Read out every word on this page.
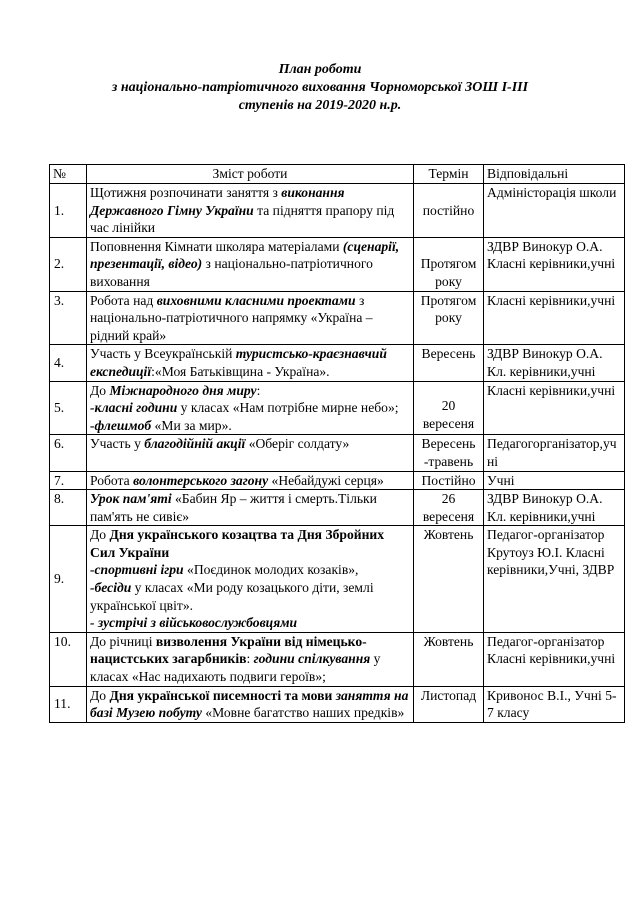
План роботи
з національно-патріотичного виховання Чорноморської ЗОШ І-ІІІ
ступенів на 2019-2020 н.р.
№	Зміст роботи	Термін	Відповідальні
1.	Щотижня розпочинати заняття з виконання Державного Гімну України та підняття прапору під час лінійки	постійно	Адміністорація школи
2.	Поповнення Кімнати школяра матеріалами (сценарії, презентації, відео) з національно-патріотичного виховання	Протягом року	ЗДВР Винокур О.А. Класні керівники,учні
3.	Робота над виховними класними проектами з національно-патріотичного напрямку «Україна – рідний край»	Протягом року	Класні керівники,учні
4.	Участь у Всеукраїнській туристсько-краєзнавчий експедиції:«Моя Батьківщина - Україна».	Вересень	ЗДВР Винокур О.А. Кл. керівники,учні
5.	До Міжнародного дня миру:
-класні години у класах «Нам потрібне мирне небо»;
-флешмоб «Ми за мир».	20 вересеня	Класні керівники,учні
6.	Участь у благодійній акції «Оберіг солдату»	Вересень -травень	Педагогорганізатор,учні
7.	Робота волонтерського загону «Небайдужі серця»	Постійно	Учні
8.	Урок пам'яті «Бабин Яр – життя і смерть.Тільки пам'ять не сивіє»	26 вересеня	ЗДВР Винокур О.А. Кл. керівники,учні
9.	До Дня українського козацтва та Дня Збройних Сил України
-спортивні ігри «Поєдинок молодих козаків»,
-бесіди у класах «Ми роду козацького діти, землі української цвіт».
- зустрічі з військовослужбовцями	Жовтень	Педагог-організатор Крутоуз Ю.І. Класні керівники,Учні, ЗДВР
10.	До річниці визволення України від німецько-нацистських загарбників: години спілкування у класах «Нас надихають подвиги героїв»;	Жовтень	Педагог-організатор Класні керівники,учні
11.	До Дня української писемності та мови заняття на базі Музею побуту «Мовне багатство наших предків»	Листопад	Кривонос В.І., Учні 5-7 класу
